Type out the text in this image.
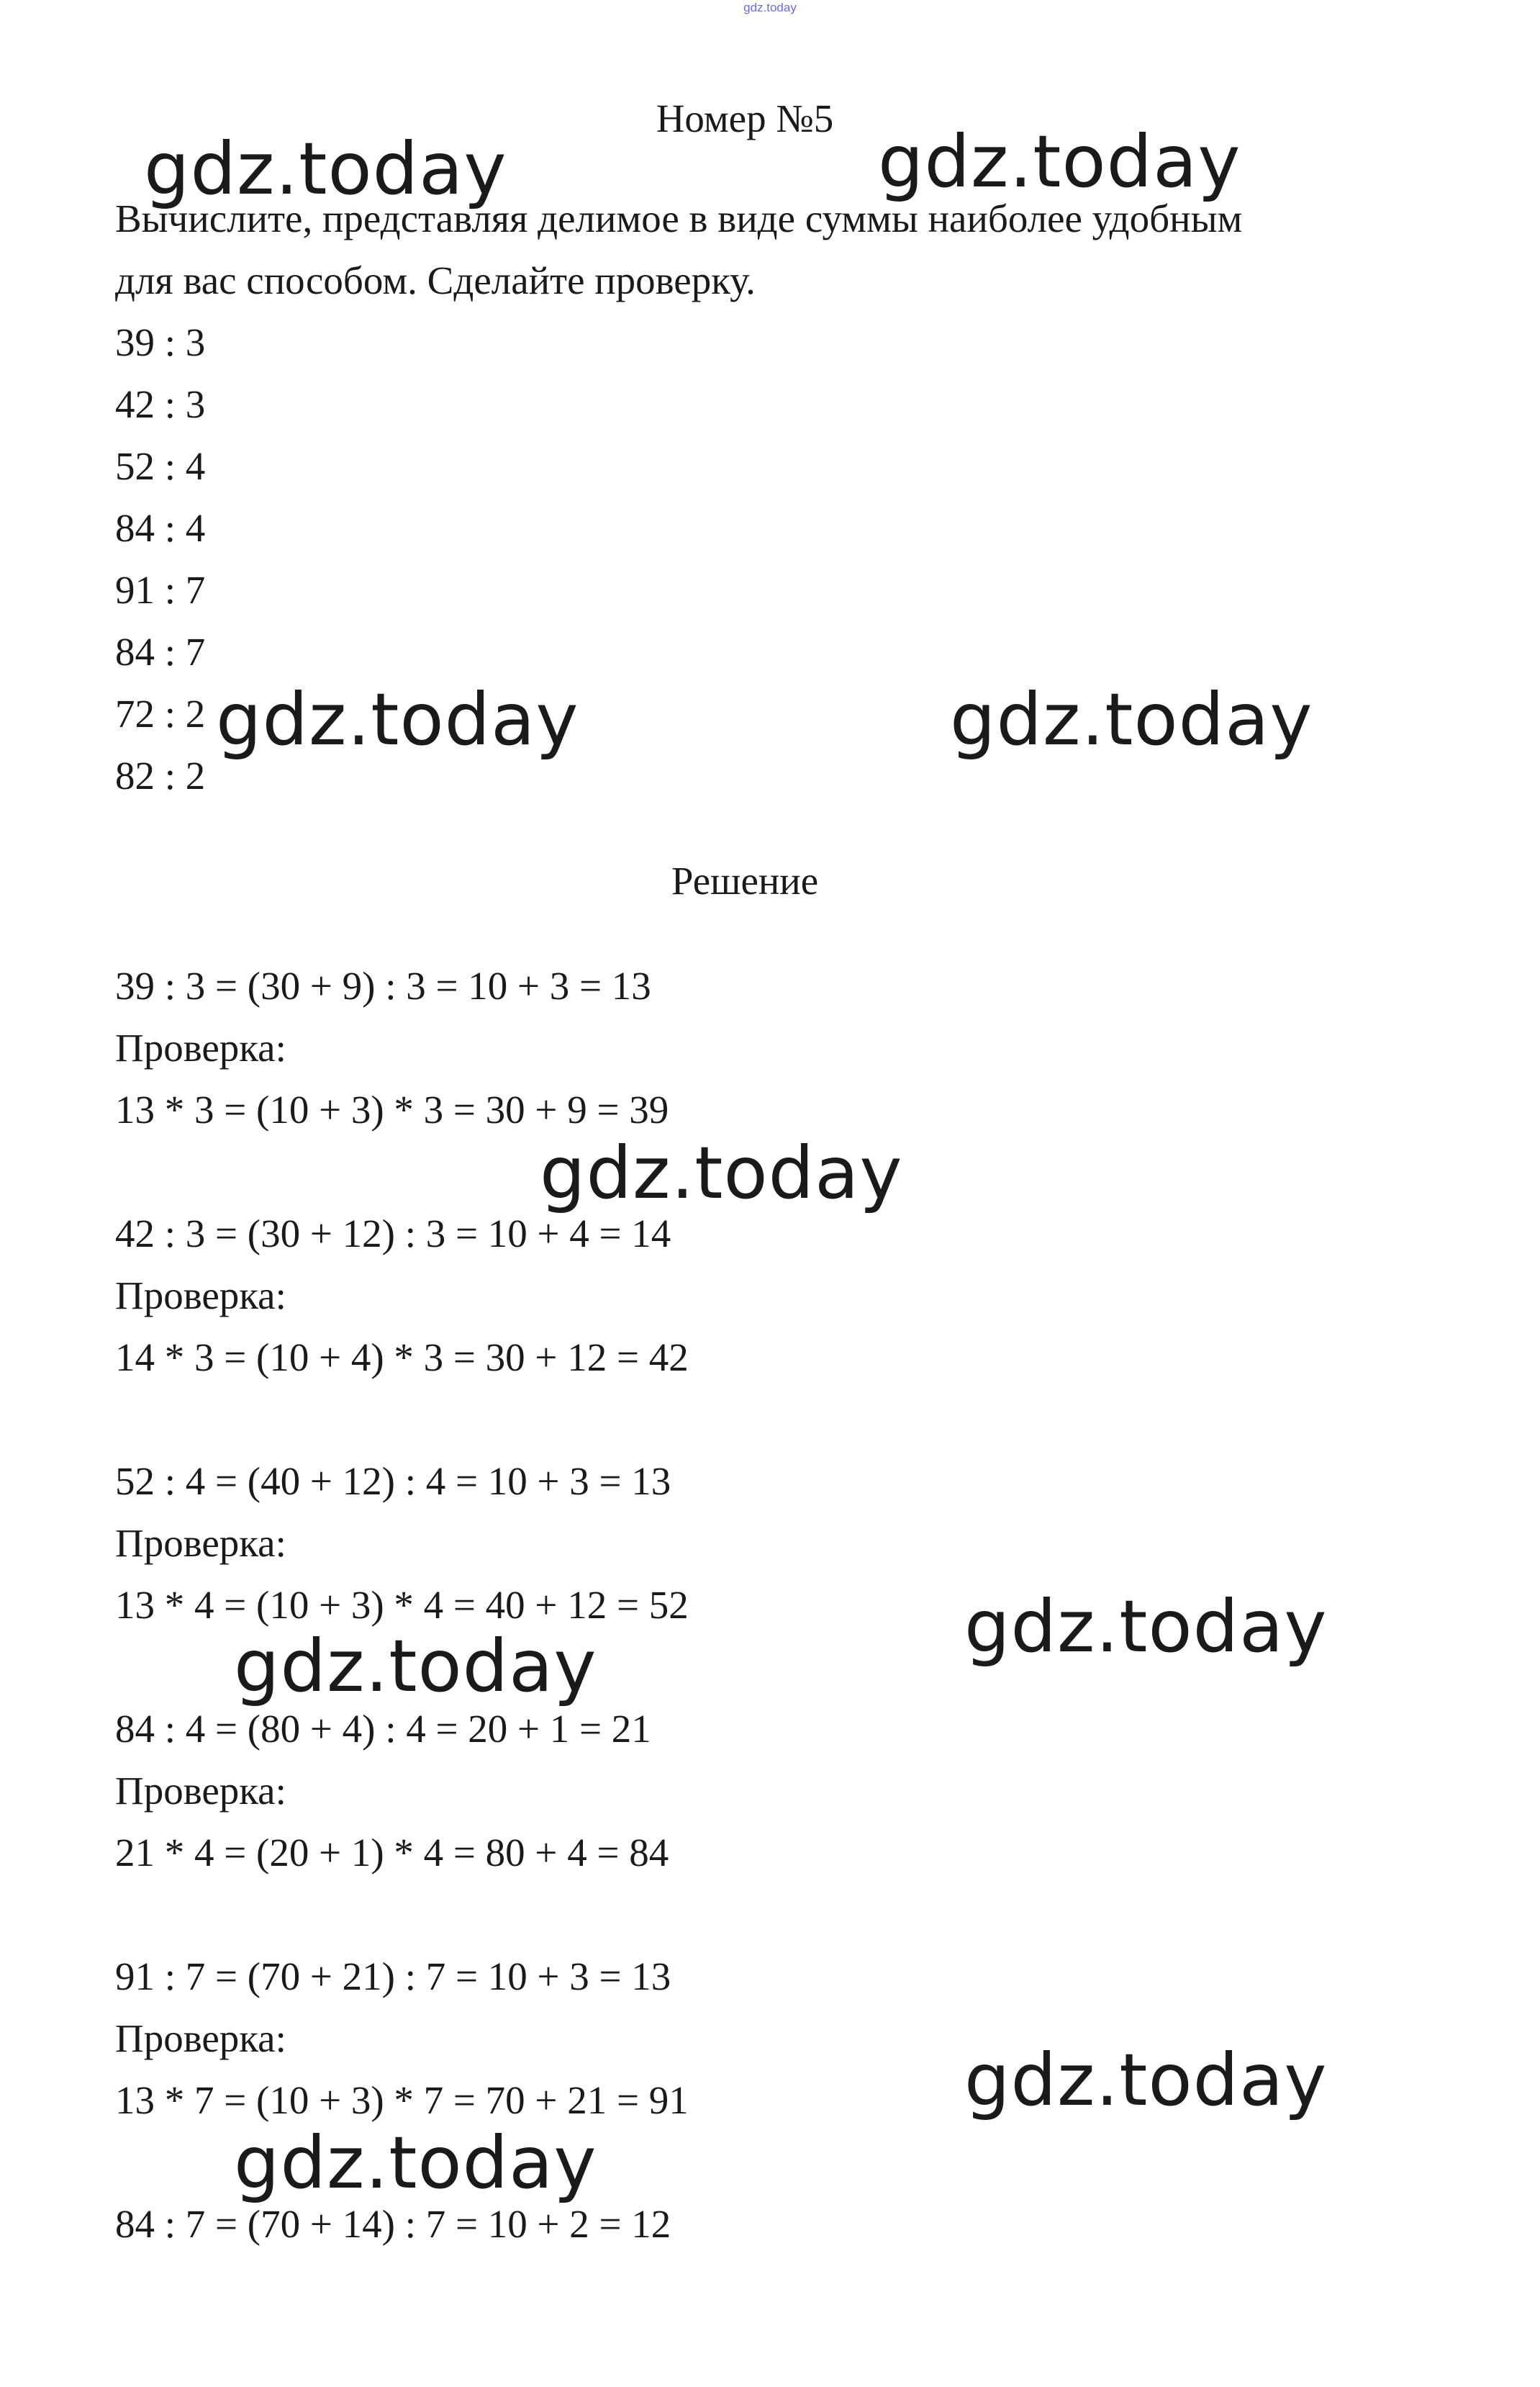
gdz.today
Номер №5
Вычислите, представляя делимое в виде суммы наиболее удобным
для вас способом. Сделайте проверку.
39 : 3
42 : 3
52 : 4
84 : 4
91 : 7
84 : 7
72 : 2
82 : 2
Решение
39 : 3 = (30 + 9) : 3 = 10 + 3 = 13
Проверка:
13 * 3 = (10 + 3) * 3 = 30 + 9 = 39
42 : 3 = (30 + 12) : 3 = 10 + 4 = 14
Проверка:
14 * 3 = (10 + 4) * 3 = 30 + 12 = 42
52 : 4 = (40 + 12) : 4 = 10 + 3 = 13
Проверка:
13 * 4 = (10 + 3) * 4 = 40 + 12 = 52
84 : 4 = (80 + 4) : 4 = 20 + 1 = 21
Проверка:
21 * 4 = (20 + 1) * 4 = 80 + 4 = 84
91 : 7 = (70 + 21) : 7 = 10 + 3 = 13
Проверка:
13 * 7 = (10 + 3) * 7 = 70 + 21 = 91
84 : 7 = (70 + 14) : 7 = 10 + 2 = 12
gdz.today	gdz.today
gdz.today	gdz.today
gdz.today
gdz.today
gdz.today
gdz.today
gdz.today
